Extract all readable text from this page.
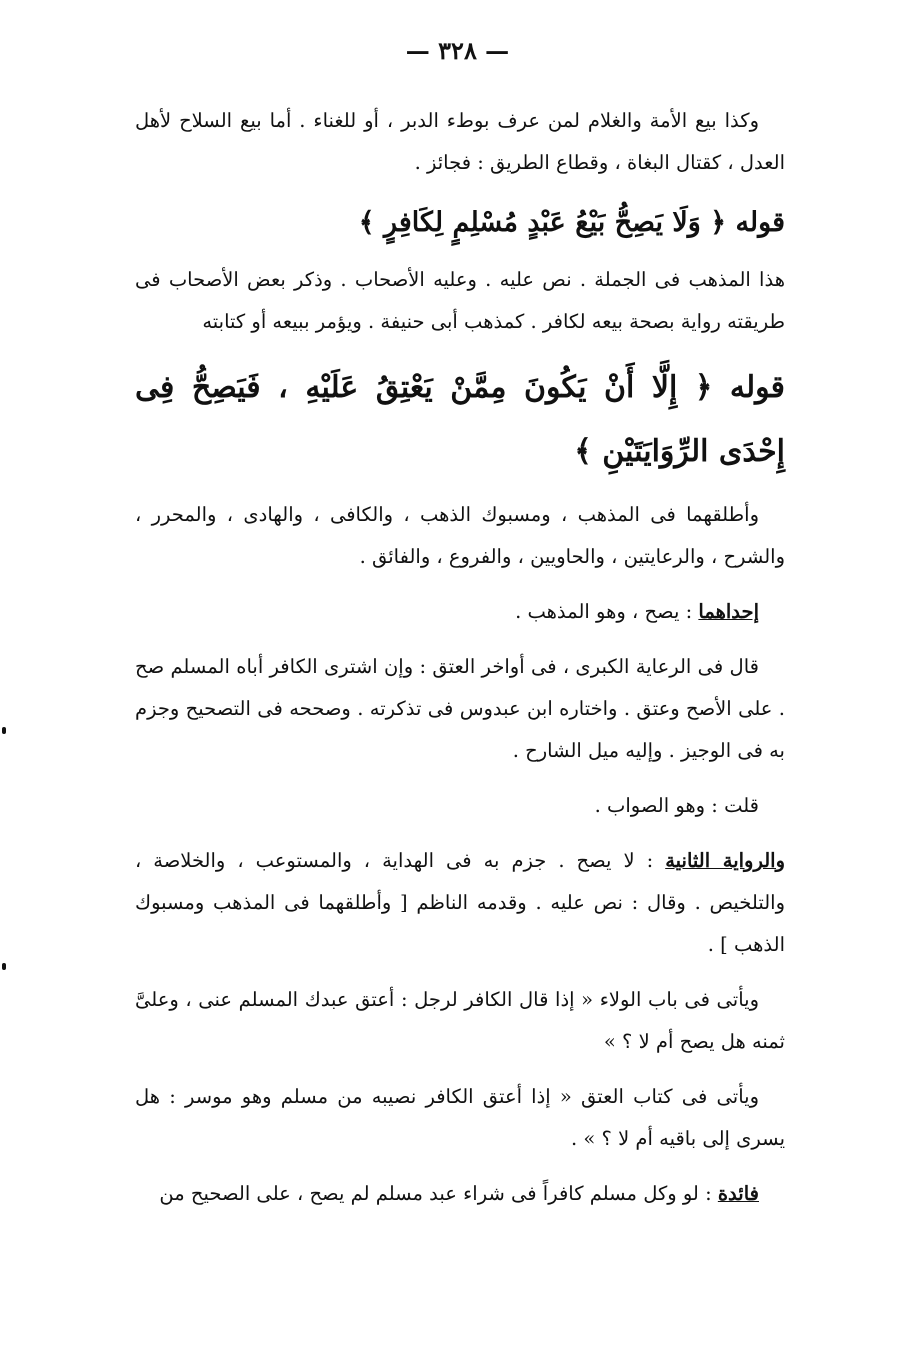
— ٣٢٨ —

وكذا بيع الأمة والغلام لمن عرف بوطء الدبر ، أو للغناء . أما بيع السلاح لأهل العدل ، كقتال البغاة ، وقطاع الطريق : فجائز .

قوله ﴿ وَلَا يَصِحُّ بَيْعُ عَبْدٍ مُسْلِمٍ لِكَافِرٍ ﴾

هذا المذهب فى الجملة . نص عليه . وعليه الأصحاب . وذكر بعض الأصحاب فى طريقته رواية بصحة بيعه لكافر . كمذهب أبى حنيفة . ويؤمر ببيعه أو كتابته

قوله ﴿ إِلَّا أَنْ يَكُونَ مِمَّنْ يَعْتِقُ عَلَيْهِ ، فَيَصِحُّ فِى إِحْدَى الرِّوَايَتَيْنِ ﴾

وأطلقهما فى المذهب ، ومسبوك الذهب ، والكافى ، والهادى ، والمحرر ، والشرح ، والرعايتين ، والحاويين ، والفروع ، والفائق .

إحداهما : يصح ، وهو المذهب .

قال فى الرعاية الكبرى ، فى أواخر العتق : وإن اشترى الكافر أباه المسلم صح . على الأصح وعتق . واختاره ابن عبدوس فى تذكرته . وصححه فى التصحيح وجزم به فى الوجيز . وإليه ميل الشارح .

قلت : وهو الصواب .

والرواية الثانية : لا يصح . جزم به فى الهداية ، والمستوعب ، والخلاصة ، والتلخيص . وقال : نص عليه . وقدمه الناظم [ وأطلقهما فى المذهب ومسبوك الذهب ] .

ويأتى فى باب الولاء « إذا قال الكافر لرجل : أعتق عبدك المسلم عنى ، وعلىَّ ثمنه هل يصح أم لا ؟ »

ويأتى فى كتاب العتق « إذا أعتق الكافر نصيبه من مسلم وهو موسر : هل يسرى إلى باقيه أم لا ؟ » .

فائدة : لو وكل مسلم كافراً فى شراء عبد مسلم لم يصح ، على الصحيح من
